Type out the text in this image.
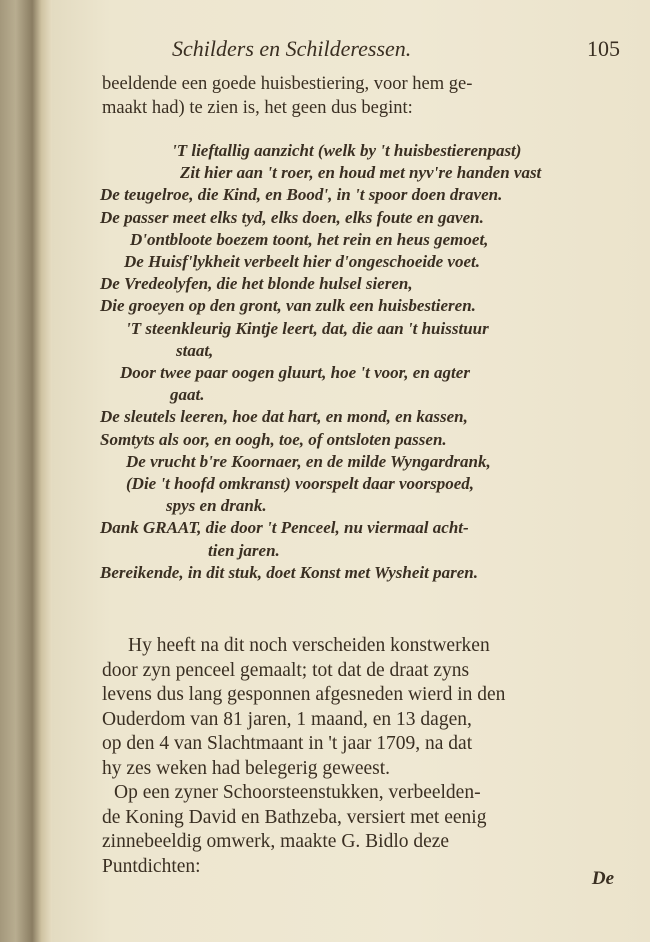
Schilders en Schilderessen.	105
beeldende een goede huisbestiering, voor hem ge-
maakt had) te zien is, het geen dus begint:
'T lieftallig aanzicht (welk by 't huisbestierenpast)
Zit hier aan 't roer, en houd met nyv're handen vast
De teugelroe, die Kind, en Bood', in 't spoor doen draven.
De passer meet elks tyd, elks doen, elks foute en gaven.
D'ontbloote boezem toont, het rein en heus gemoet,
De Huisf'lykheit verbeelt hier d'ongeschoeide voet.
De Vredeolyfen, die het blonde hulsel sieren,
Die groeyen op den gront, van zulk een huisbestieren.
'T steenkleurig Kintje leert, dat, die aan 't huisstuur
staat,
Door twee paar oogen gluurt, hoe 't voor, en agter
gaat.
De sleutels leeren, hoe dat hart, en mond, en kassen,
Somtyts als oor, en oogh, toe, of ontsloten passen.
De vrucht b're Koornaer, en de milde Wyngardrank,
(Die 't hoofd omkranst) voorspelt daar voorspoed,
spys en drank.
Dank GRAAT, die door 't Penceel, nu viermaal acht-
tien jaren.
Bereikende, in dit stuk, doet Konst met Wysheit paren.
Hy heeft na dit noch verscheiden konstwerken
door zyn penceel gemaalt; tot dat de draat zyns
levens dus lang gesponnen afgesneden wierd in den
Ouderdom van 81 jaren, 1 maand, en 13 dagen,
op den 4 van Slachtmaant in 't jaar 1709, na dat
hy zes weken had belegerig geweest.
Op een zyner Schoorsteenstukken, verbeelden-
de Koning David en Bathzeba, versiert met eenig
zinnebeeldig omwerk, maakte G. Bidlo deze
Puntdichten:
De
